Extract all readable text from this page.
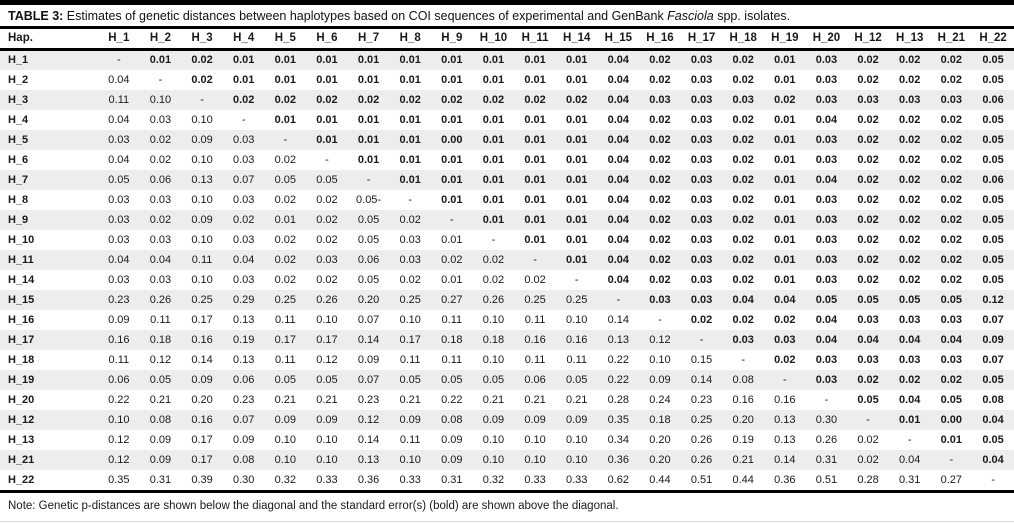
TABLE 3: Estimates of genetic distances between haplotypes based on COI sequences of experimental and GenBank Fasciola spp. isolates.
Hap.	H_1	H_2	H_3	H_4	H_5	H_6	H_7	H_8	H_9	H_10	H_11	H_14	H_15	H_16	H_17	H_18	H_19	H_20	H_12	H_13	H_21	H_22
H_1	-	0.01	0.02	0.01	0.01	0.01	0.01	0.01	0.01	0.01	0.01	0.01	0.04	0.02	0.03	0.02	0.01	0.03	0.02	0.02	0.02	0.05
H_2	0.04	-	0.02	0.01	0.01	0.01	0.01	0.01	0.01	0.01	0.01	0.01	0.04	0.02	0.03	0.02	0.01	0.03	0.02	0.02	0.02	0.05
H_3	0.11	0.10	-	0.02	0.02	0.02	0.02	0.02	0.02	0.02	0.02	0.02	0.04	0.03	0.03	0.03	0.02	0.03	0.03	0.03	0.03	0.06
H_4	0.04	0.03	0.10	-	0.01	0.01	0.01	0.01	0.01	0.01	0.01	0.01	0.04	0.02	0.03	0.02	0.01	0.04	0.02	0.02	0.02	0.05
H_5	0.03	0.02	0.09	0.03	-	0.01	0.01	0.01	0.00	0.01	0.01	0.01	0.04	0.02	0.03	0.02	0.01	0.03	0.02	0.02	0.02	0.05
H_6	0.04	0.02	0.10	0.03	0.02	-	0.01	0.01	0.01	0.01	0.01	0.01	0.04	0.02	0.03	0.02	0.01	0.03	0.02	0.02	0.02	0.05
H_7	0.05	0.06	0.13	0.07	0.05	0.05	-	0.01	0.01	0.01	0.01	0.01	0.04	0.02	0.03	0.02	0.01	0.04	0.02	0.02	0.02	0.06
H_8	0.03	0.03	0.10	0.03	0.02	0.02	0.05-	-	0.01	0.01	0.01	0.01	0.04	0.02	0.03	0.02	0.01	0.03	0.02	0.02	0.02	0.05
H_9	0.03	0.02	0.09	0.02	0.01	0.02	0.05	0.02	-	0.01	0.01	0.01	0.04	0.02	0.03	0.02	0.01	0.03	0.02	0.02	0.02	0.05
H_10	0.03	0.03	0.10	0.03	0.02	0.02	0.05	0.03	0.01	-	0.01	0.01	0.04	0.02	0.03	0.02	0.01	0.03	0.02	0.02	0.02	0.05
H_11	0.04	0.04	0.11	0.04	0.02	0.03	0.06	0.03	0.02	0.02	-	0.01	0.04	0.02	0.03	0.02	0.01	0.03	0.02	0.02	0.02	0.05
H_14	0.03	0.03	0.10	0.03	0.02	0.02	0.05	0.02	0.01	0.02	0.02	-	0.04	0.02	0.03	0.02	0.01	0.03	0.02	0.02	0.02	0.05
H_15	0.23	0.26	0.25	0.29	0.25	0.26	0.20	0.25	0.27	0.26	0.25	0.25	-	0.03	0.03	0.04	0.04	0.05	0.05	0.05	0.05	0.12
H_16	0.09	0.11	0.17	0.13	0.11	0.10	0.07	0.10	0.11	0.10	0.11	0.10	0.14	-	0.02	0.02	0.02	0.04	0.03	0.03	0.03	0.07
H_17	0.16	0.18	0.16	0.19	0.17	0.17	0.14	0.17	0.18	0.18	0.16	0.16	0.13	0.12	-	0.03	0.03	0.04	0.04	0.04	0.04	0.09
H_18	0.11	0.12	0.14	0.13	0.11	0.12	0.09	0.11	0.11	0.10	0.11	0.11	0.22	0.10	0.15	-	0.02	0.03	0.03	0.03	0.03	0.07
H_19	0.06	0.05	0.09	0.06	0.05	0.05	0.07	0.05	0.05	0.05	0.06	0.05	0.22	0.09	0.14	0.08	-	0.03	0.02	0.02	0.02	0.05
H_20	0.22	0.21	0.20	0.23	0.21	0.21	0.23	0.21	0.22	0.21	0.21	0.21	0.28	0.24	0.23	0.16	0.16	-	0.05	0.04	0.05	0.08
H_12	0.10	0.08	0.16	0.07	0.09	0.09	0.12	0.09	0.08	0.09	0.09	0.09	0.35	0.18	0.25	0.20	0.13	0.30	-	0.01	0.00	0.04
H_13	0.12	0.09	0.17	0.09	0.10	0.10	0.14	0.11	0.09	0.10	0.10	0.10	0.34	0.20	0.26	0.19	0.13	0.26	0.02	-	0.01	0.05
H_21	0.12	0.09	0.17	0.08	0.10	0.10	0.13	0.10	0.09	0.10	0.10	0.10	0.36	0.20	0.26	0.21	0.14	0.31	0.02	0.04	-	0.04
H_22	0.35	0.31	0.39	0.30	0.32	0.33	0.36	0.33	0.31	0.32	0.33	0.33	0.62	0.44	0.51	0.44	0.36	0.51	0.28	0.31	0.27	-
Note: Genetic p-distances are shown below the diagonal and the standard error(s) (bold) are shown above the diagonal.
